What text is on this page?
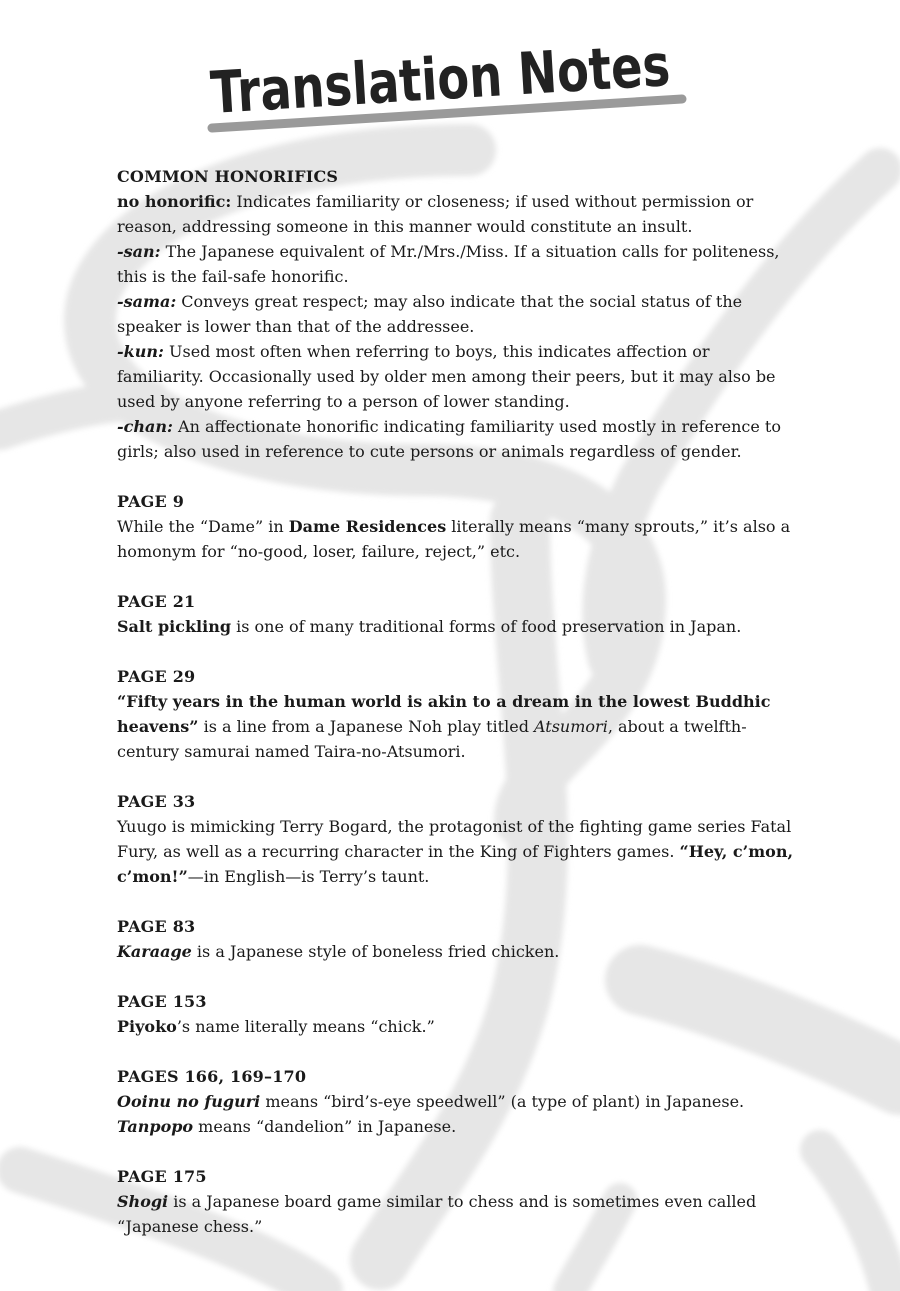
Translation Notes
COMMON HONORIFICS

no honorific: Indicates familiarity or closeness; if used without permission or reason, addressing someone in this manner would constitute an insult.

-san: The Japanese equivalent of Mr./Mrs./Miss. If a situation calls for politeness, this is the fail-safe honorific.

-sama: Conveys great respect; may also indicate that the social status of the speaker is lower than that of the addressee.

-kun: Used most often when referring to boys, this indicates affection or familiarity. Occasionally used by older men among their peers, but it may also be used by anyone referring to a person of lower standing.

-chan: An affectionate honorific indicating familiarity used mostly in reference to girls; also used in reference to cute persons or animals regardless of gender.

PAGE 9

While the “Dame” in Dame Residences literally means “many sprouts,” it’s also a homonym for “no-good, loser, failure, reject,” etc.

PAGE 21

Salt pickling is one of many traditional forms of food preservation in Japan.

PAGE 29

“Fifty years in the human world is akin to a dream in the lowest Buddhic heavens” is a line from a Japanese Noh play titled Atsumori, about a twelfth-century samurai named Taira-no-Atsumori.

PAGE 33

Yuugo is mimicking Terry Bogard, the protagonist of the fighting game series Fatal Fury, as well as a recurring character in the King of Fighters games. “Hey, c’mon, c’mon!”—in English—is Terry’s taunt.

PAGE 83

Karaage is a Japanese style of boneless fried chicken.

PAGE 153

Piyoko’s name literally means “chick.”

PAGES 166, 169–170

Ooinu no fuguri means “bird’s-eye speedwell” (a type of plant) in Japanese.

Tanpopo means “dandelion” in Japanese.

PAGE 175

Shogi is a Japanese board game similar to chess and is sometimes even called “Japanese chess.”
